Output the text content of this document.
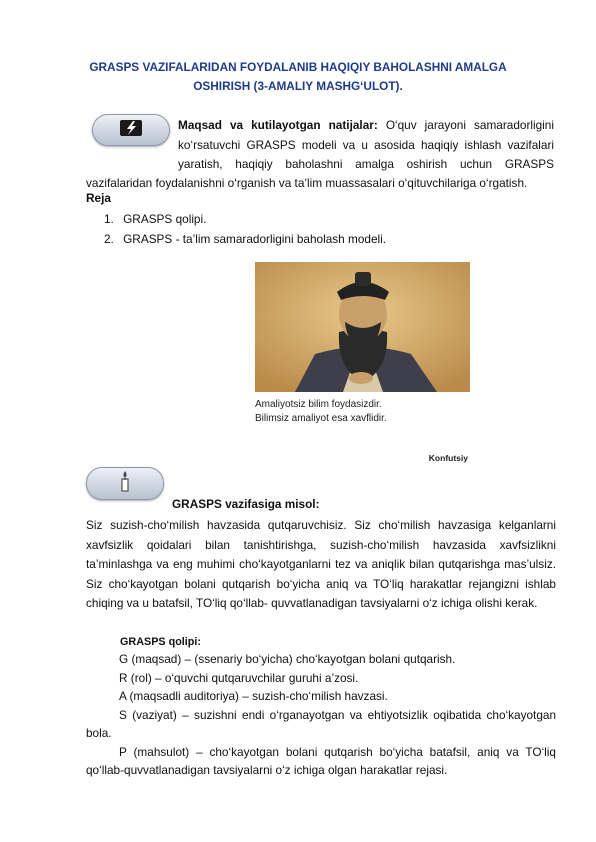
GRASPS VAZIFALARIDAN FOYDALANIB HAQIQIY BAHOLASHNI AMALGA
OSHIRISH (3-AMALIY MASHG‘ULOT).
Maqsad va kutilayotgan natijalar: O‘quv jarayoni samaradorligini
ko‘rsatuvchi GRASPS modeli va u asosida haqiqiy ishlash vazifalari
yaratish, haqiqiy baholashni amalga oshirish uchun GRASPS
vazifalaridan foydalanishni o‘rganish va ta’lim muassasalari o‘qituvchilariga o‘rgatish.
Reja
1. GRASPS qolipi.
2. GRASPS - ta’lim samaradorligini baholash modeli.
Amaliyotsiz bilim foydasizdir.
Bilimsiz amaliyot esa xavflidir.
Konfutsiy
GRASPS vazifasiga misol:
Siz suzish-cho‘milish havzasida qutqaruvchisiz. Siz cho‘milish havzasiga kelganlarni xavfsizlik qoidalari bilan tanishtirishga, suzish-cho‘milish havzasida xavfsizlikni ta’minlashga va eng muhimi cho‘kayotganlarni tez va aniqlik bilan qutqarishga mas’ulsiz. Siz cho‘kayotgan bolani qutqarish bo‘yicha aniq va TO‘liq harakatlar rejangizni ishlab chiqing va u batafsil, TO‘liq qo‘llab- quvvatlanadigan tavsiyalarni o‘z ichiga olishi kerak.
GRASPS qolipi:
G (maqsad) – (ssenariy bo‘yicha) cho‘kayotgan bolani qutqarish.
R (rol) – o‘quvchi qutqaruvchilar guruhi a’zosi.
A (maqsadli auditoriya) – suzish-cho‘milish havzasi.
S (vaziyat) – suzishni endi o‘rganayotgan va ehtiyotsizlik oqibatida cho‘kayotgan bola.
P (mahsulot) – cho‘kayotgan bolani qutqarish bo‘yicha batafsil, aniq va TO‘liq qo‘llab-quvvatlanadigan tavsiyalarni o‘z ichiga olgan harakatlar rejasi.
